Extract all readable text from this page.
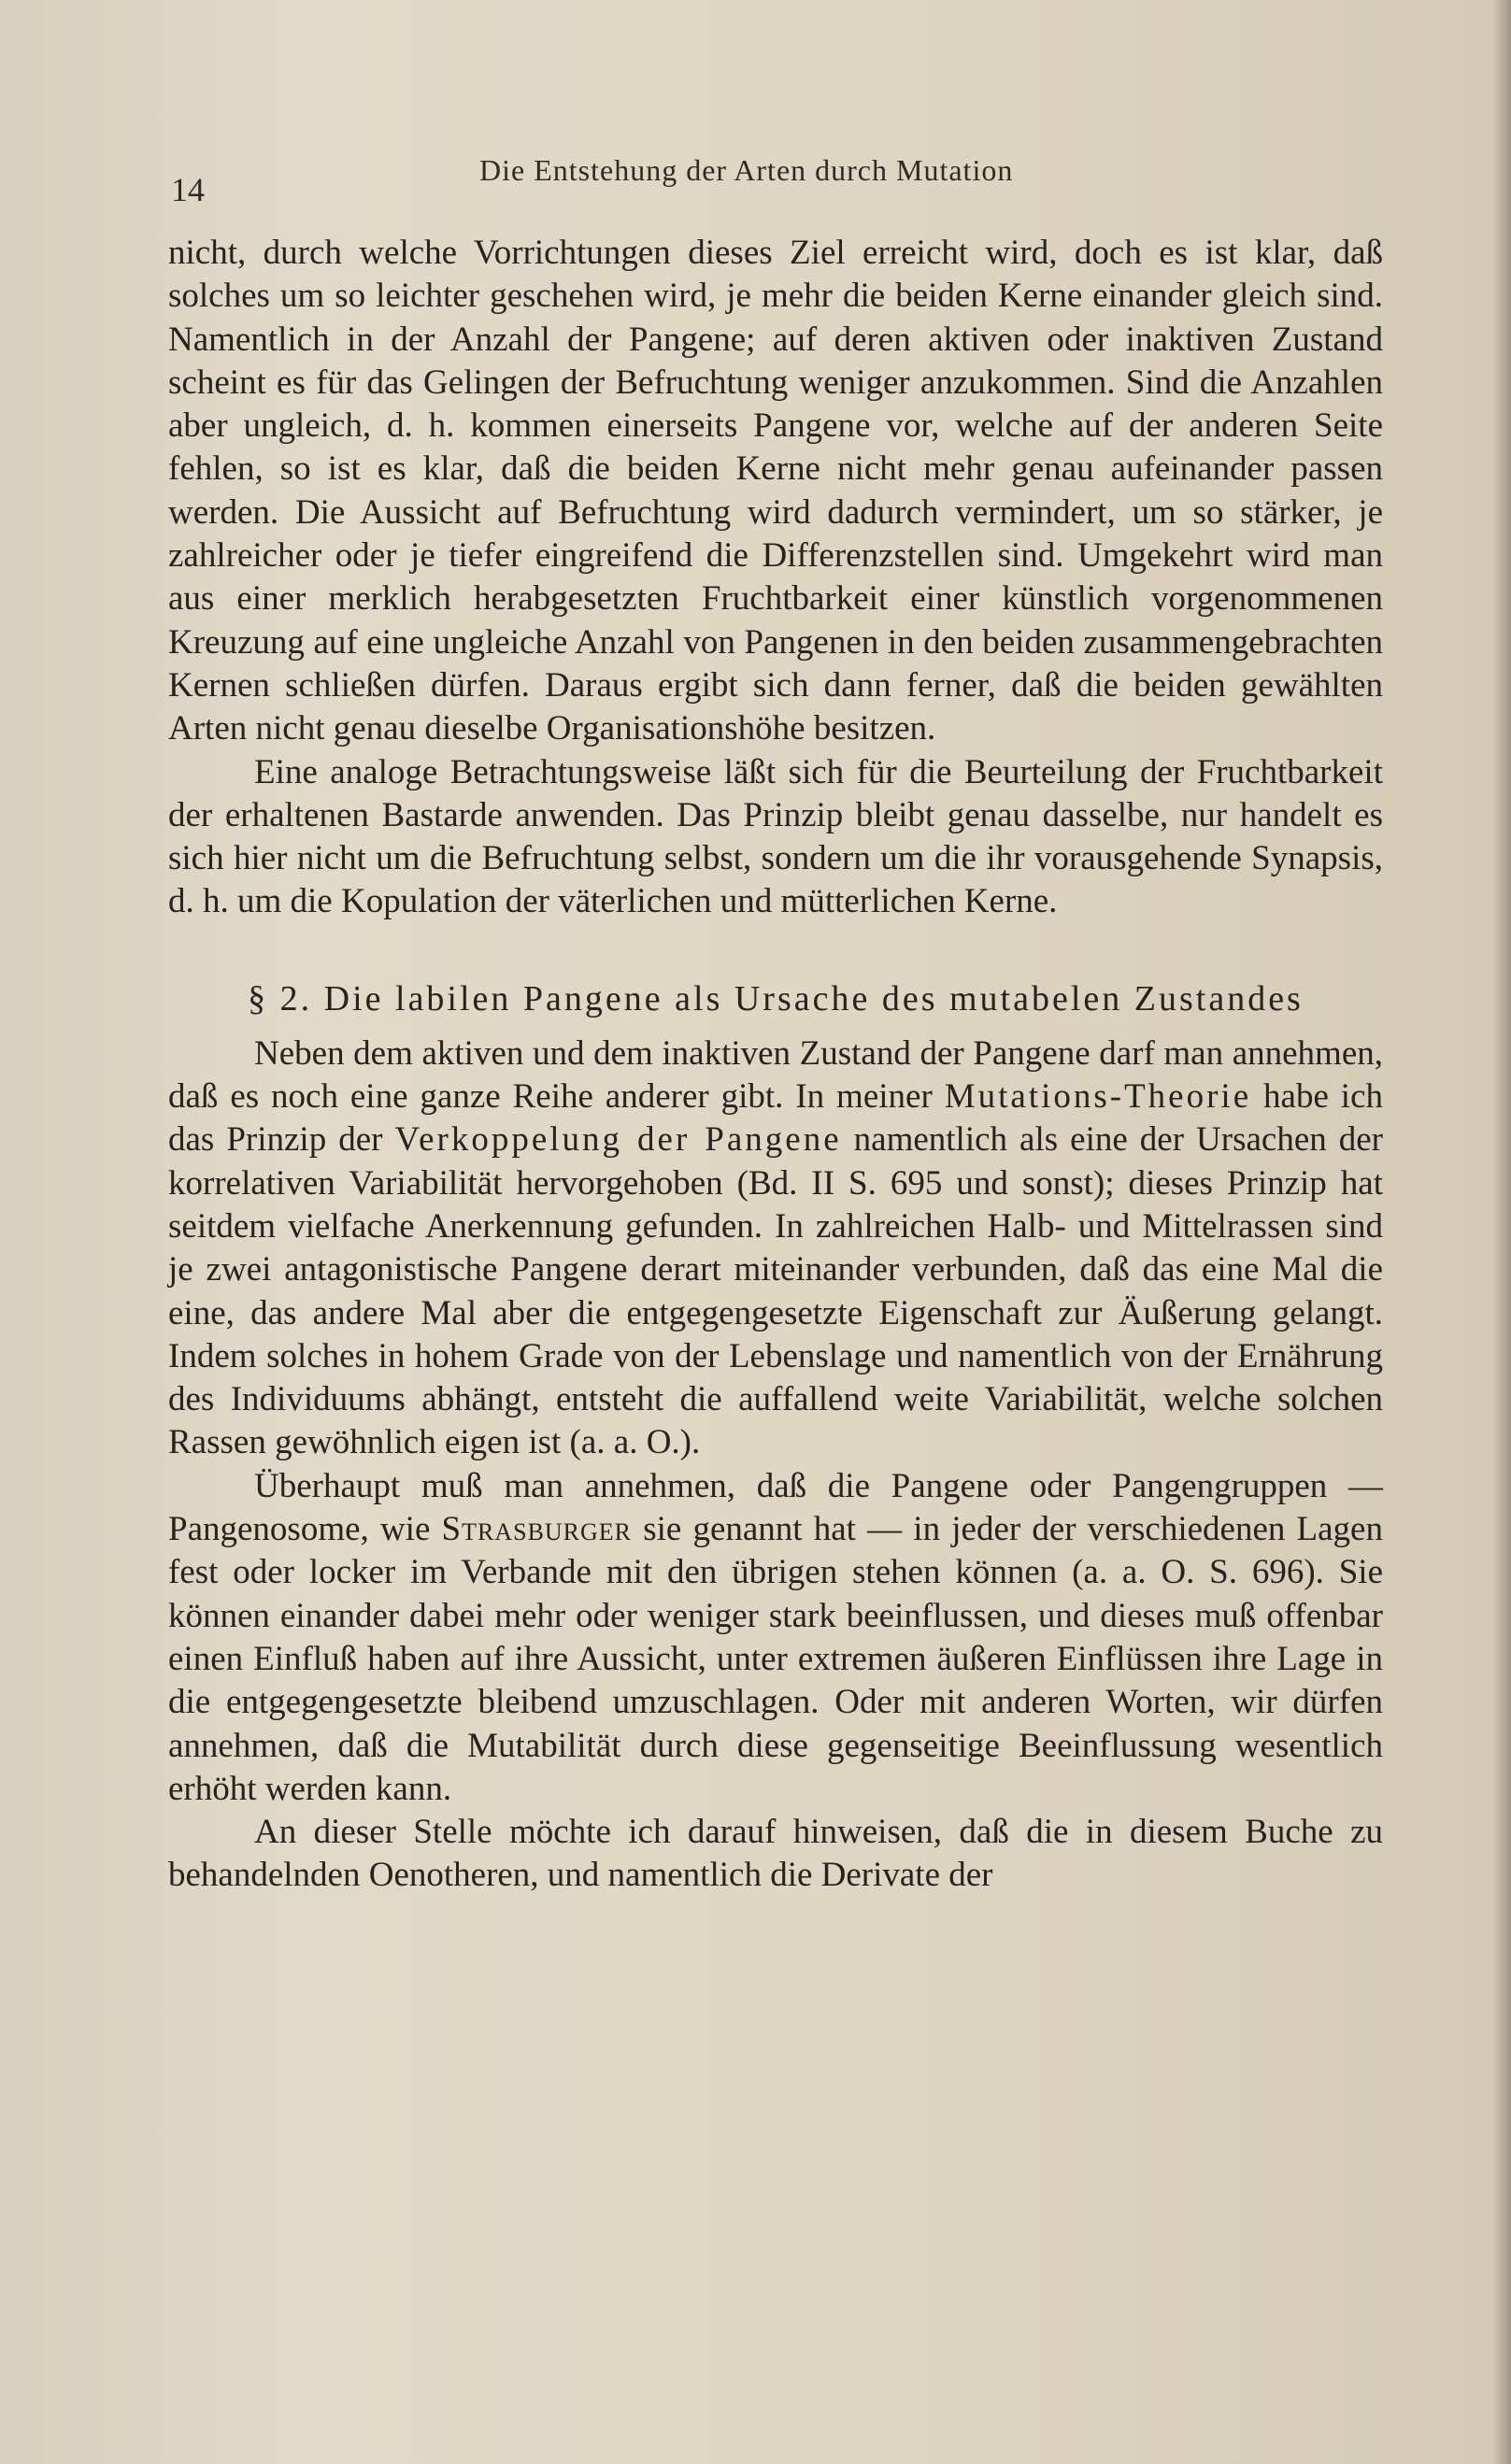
14
Die Entstehung der Arten durch Mutation

nicht, durch welche Vorrichtungen dieses Ziel erreicht wird, doch es ist klar, daß solches um so leichter geschehen wird, je mehr die beiden Kerne einander gleich sind. Namentlich in der Anzahl der Pangene; auf deren aktiven oder inaktiven Zustand scheint es für das Gelingen der Befruchtung weniger anzukommen. Sind die Anzahlen aber ungleich, d. h. kommen einerseits Pangene vor, welche auf der anderen Seite fehlen, so ist es klar, daß die beiden Kerne nicht mehr genau aufeinander passen werden. Die Aussicht auf Befruchtung wird dadurch vermindert, um so stärker, je zahlreicher oder je tiefer eingreifend die Differenzstellen sind. Umgekehrt wird man aus einer merklich herabgesetzten Fruchtbarkeit einer künstlich vorgenommenen Kreuzung auf eine ungleiche Anzahl von Pangenen in den beiden zusammengebrachten Kernen schließen dürfen. Daraus ergibt sich dann ferner, daß die beiden gewählten Arten nicht genau dieselbe Organisationshöhe besitzen.

Eine analoge Betrachtungsweise läßt sich für die Beurteilung der Fruchtbarkeit der erhaltenen Bastarde anwenden. Das Prinzip bleibt genau dasselbe, nur handelt es sich hier nicht um die Befruchtung selbst, sondern um die ihr vorausgehende Synapsis, d. h. um die Kopulation der väterlichen und mütterlichen Kerne.

§ 2. Die labilen Pangene als Ursache des mutabelen Zustandes

Neben dem aktiven und dem inaktiven Zustand der Pangene darf man annehmen, daß es noch eine ganze Reihe anderer gibt. In meiner Mutations-Theorie habe ich das Prinzip der Verkoppelung der Pangene namentlich als eine der Ursachen der korrelativen Variabilität hervorgehoben (Bd. II S. 695 und sonst); dieses Prinzip hat seitdem vielfache Anerkennung gefunden. In zahlreichen Halb- und Mittelrassen sind je zwei antagonistische Pangene derart miteinander verbunden, daß das eine Mal die eine, das andere Mal aber die entgegengesetzte Eigenschaft zur Äußerung gelangt. Indem solches in hohem Grade von der Lebenslage und namentlich von der Ernährung des Individuums abhängt, entsteht die auffallend weite Variabilität, welche solchen Rassen gewöhnlich eigen ist (a. a. O.).

Überhaupt muß man annehmen, daß die Pangene oder Pangengruppen — Pangenosome, wie Strasburger sie genannt hat — in jeder der verschiedenen Lagen fest oder locker im Verbande mit den übrigen stehen können (a. a. O. S. 696). Sie können einander dabei mehr oder weniger stark beeinflussen, und dieses muß offenbar einen Einfluß haben auf ihre Aussicht, unter extremen äußeren Einflüssen ihre Lage in die entgegengesetzte bleibend umzuschlagen. Oder mit anderen Worten, wir dürfen annehmen, daß die Mutabilität durch diese gegenseitige Beeinflussung wesentlich erhöht werden kann.

An dieser Stelle möchte ich darauf hinweisen, daß die in diesem Buche zu behandelnden Oenotheren, und namentlich die Derivate der
